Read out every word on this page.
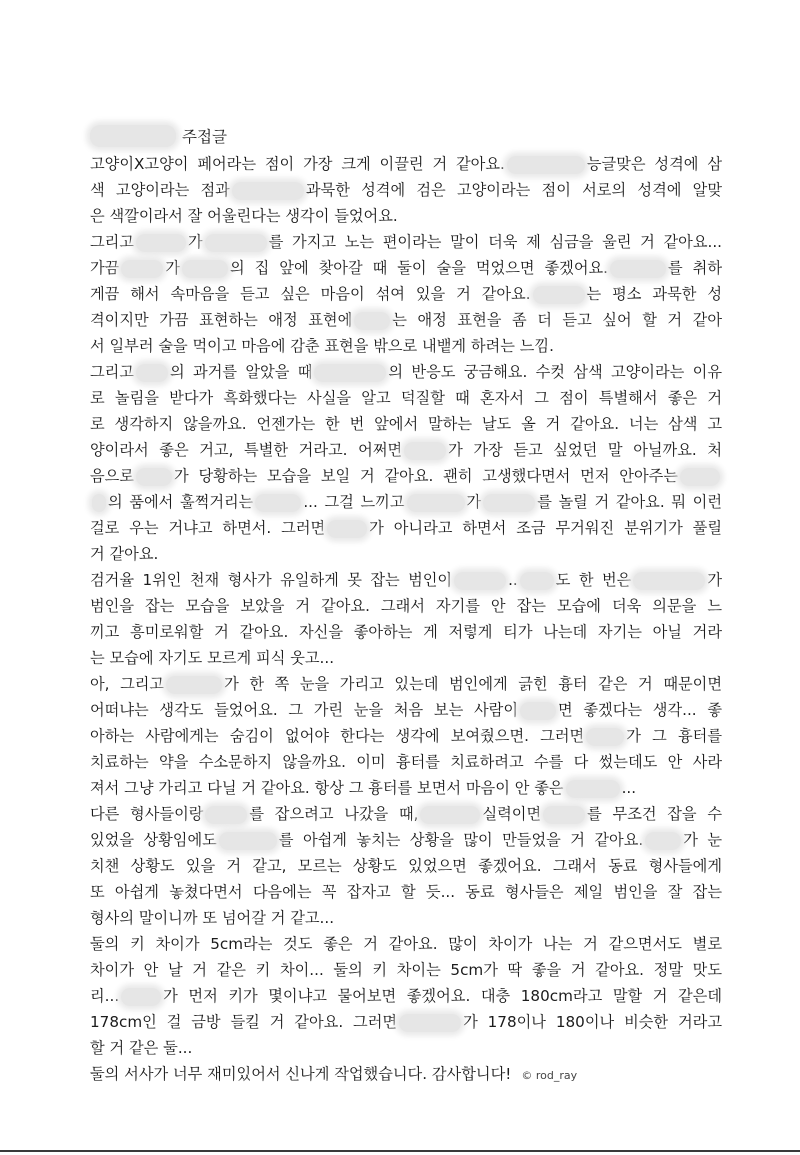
주접글
고양이X고양이 페어라는 점이 가장 크게 이끌린 거 같아요.	능글맞은 성격에 삼
색 고양이라는 점과	과묵한 성격에 검은 고양이라는 점이 서로의 성격에 알맞
은 색깔이라서 잘 어울린다는 생각이 들었어요.
그리고	가	를 가지고 노는 편이라는 말이 더욱 제 심금을 울린 거 같아요...
가끔	가	의 집 앞에 찾아갈 때 둘이 술을 먹었으면 좋겠어요.	를 취하
게끔 해서 속마음을 듣고 싶은 마음이 섞여 있을 거 같아요.	는 평소 과묵한 성
격이지만 가끔 표현하는 애정 표현에	는 애정 표현을 좀 더 듣고 싶어 할 거 같아
서 일부러 술을 먹이고 마음에 감춘 표현을 밖으로 내뱉게 하려는 느낌.
그리고 의 과거를 알았을 때	의 반응도 궁금해요. 수컷 삼색 고양이라는 이유
로 놀림을 받다가 흑화했다는 사실을 알고 덕질할 때 혼자서 그 점이 특별해서 좋은 거
로 생각하지 않을까요. 언젠가는 한 번 앞에서 말하는 날도 올 거 같아요. 너는 삼색 고
양이라서 좋은 거고, 특별한 거라고. 어쩌면	가 가장 듣고 싶었던 말 아닐까요. 처
음으로	가 당황하는 모습을 보일 거 같아요. 괜히 고생했다면서 먼저 안아주는
의 품에서 훌쩍거리는	... 그걸 느끼고	가	를 놀릴 거 같아요. 뭐 이런
걸로 우는 거냐고 하면서. 그러면	가 아니라고 하면서 조금 무거워진 분위기가 풀릴
거 같아요.
검거율 1위인 천재 형사가 유일하게 못 잡는 범인이	..	도 한 번은	가
범인을 잡는 모습을 보았을 거 같아요. 그래서 자기를 안 잡는 모습에 더욱 의문을 느
끼고 흥미로워할 거 같아요. 자신을 좋아하는 게 저렇게 티가 나는데 자기는 아닐 거라
는 모습에 자기도 모르게 피식 웃고...
아, 그리고	가 한 쪽 눈을 가리고 있는데 범인에게 긁힌 흉터 같은 거 때문이면
어떠냐는 생각도 들었어요. 그 가린 눈을 처음 보는 사람이	면 좋겠다는 생각... 좋
아하는 사람에게는 숨김이 없어야 한다는 생각에 보여줬으면. 그러면	가 그 흉터를
치료하는 약을 수소문하지 않을까요. 이미 흉터를 치료하려고 수를 다 썼는데도 안 사라
져서 그냥 가리고 다닐 거 같아요. 항상 그 흉터를 보면서 마음이 안 좋은	...
다른 형사들이랑	를 잡으려고 나갔을 때,	실력이면	를 무조건 잡을 수
있었을 상황임에도	를 아쉽게 놓치는 상황을 많이 만들었을 거 같아요.	가 눈
치챈 상황도 있을 거 같고, 모르는 상황도 있었으면 좋겠어요. 그래서 동료 형사들에게
또 아쉽게 놓쳤다면서 다음에는 꼭 잡자고 할 듯... 동료 형사들은 제일 범인을 잘 잡는
형사의 말이니까 또 넘어갈 거 같고...
둘의 키 차이가 5cm라는 것도 좋은 거 같아요. 많이 차이가 나는 거 같으면서도 별로
차이가 안 날 거 같은 키 차이... 둘의 키 차이는 5cm가 딱 좋을 거 같아요. 정말 맛도
리...	가 먼저 키가 몇이냐고 물어보면 좋겠어요. 대충 180cm라고 말할 거 같은데
178cm인 걸 금방 들킬 거 같아요. 그러면	가 178이나 180이나 비슷한 거라고
할 거 같은 둘...
둘의 서사가 너무 재미있어서 신나게 작업했습니다. 감사합니다! © rod_ray
